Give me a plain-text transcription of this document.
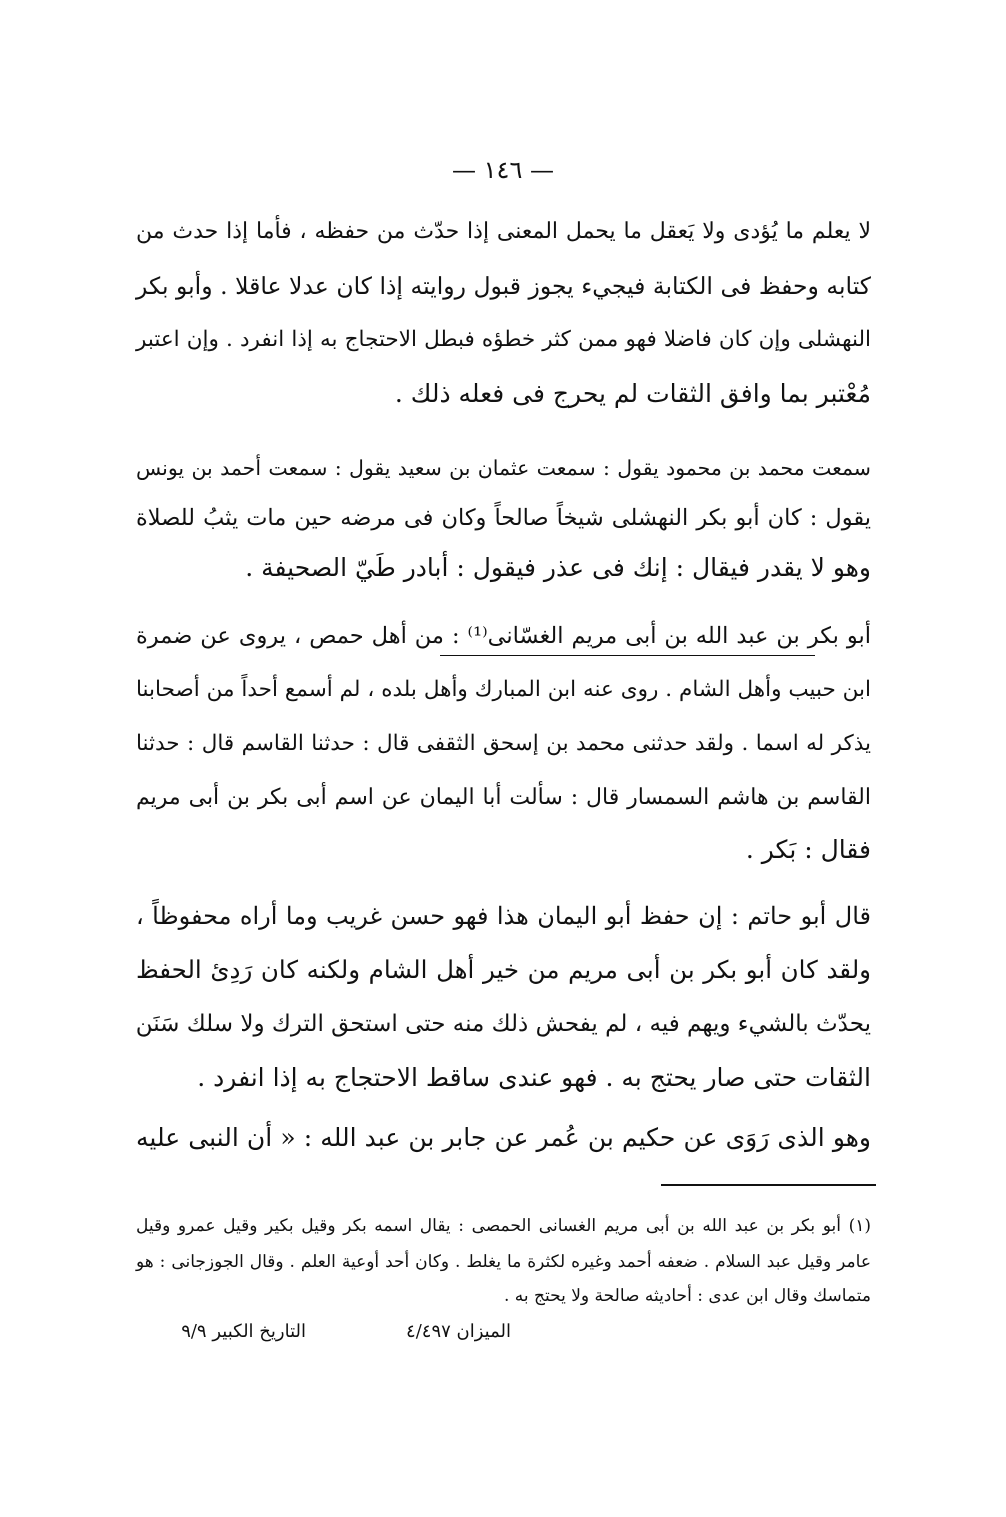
— ١٤٦ —
لا يعلم ما يُؤدى ولا يَعقل ما يحمل المعنى إذا حدّث من حفظه ، فأما إذا حدث من
كتابه وحفظ فى الكتابة فيجيء يجوز قبول روايته إذا كان عدلا عاقلا . وأبو بكر
النهشلى وإن كان فاضلا فهو ممن كثر خطؤه فبطل الاحتجاج به إذا انفرد . وإن اعتبر
مُعْتبر بما وافق الثقات لم يحرج فى فعله ذلك .
سمعت محمد بن محمود يقول : سمعت عثمان بن سعيد يقول : سمعت أحمد بن يونس
يقول : كان أبو بكر النهشلى شيخاً صالحاً وكان فى مرضه حين مات يثبُ للصلاة
وهو لا يقدر فيقال : إنك فى عذر فيقول : أبادر طَيّ الصحيفة .
أبو بكر بن عبد الله بن أبى مريم الغسّانى⁽¹⁾ : من أهل حمص ، يروى عن ضمرة
ابن حبيب وأهل الشام . روى عنه ابن المبارك وأهل بلده ، لم أسمع أحداً من أصحابنا
يذكر له اسما . ولقد حدثنى محمد بن إسحق الثقفى قال : حدثنا القاسم قال : حدثنا
القاسم بن هاشم السمسار قال : سألت أبا اليمان عن اسم أبى بكر بن أبى مريم
فقال : بَكر .
قال أبو حاتم : إن حفظ أبو اليمان هذا فهو حسن غريب وما أراه محفوظاً ،
ولقد كان أبو بكر بن أبى مريم من خير أهل الشام ولكنه كان رَدِئ الحفظ
يحدّث بالشيء ويهم فيه ، لم يفحش ذلك منه حتى استحق الترك ولا سلك سَنَن
الثقات حتى صار يحتج به . فهو عندى ساقط الاحتجاج به إذا انفرد .
وهو الذى رَوَى عن حكيم بن عُمر عن جابر بن عبد الله : « أن النبى عليه
(١) أبو بكر بن عبد الله بن أبى مريم الغسانى الحمصى : يقال اسمه بكر وقيل بكير وقيل عمرو وقيل
عامر وقيل عبد السلام . ضعفه أحمد وغيره لكثرة ما يغلط . وكان أحد أوعية العلم . وقال الجوزجانى : هو
متماسك وقال ابن عدى : أحاديثه صالحة ولا يحتج به .
الميزان ٤/٤٩٧
التاريخ الكبير ٩/٩
